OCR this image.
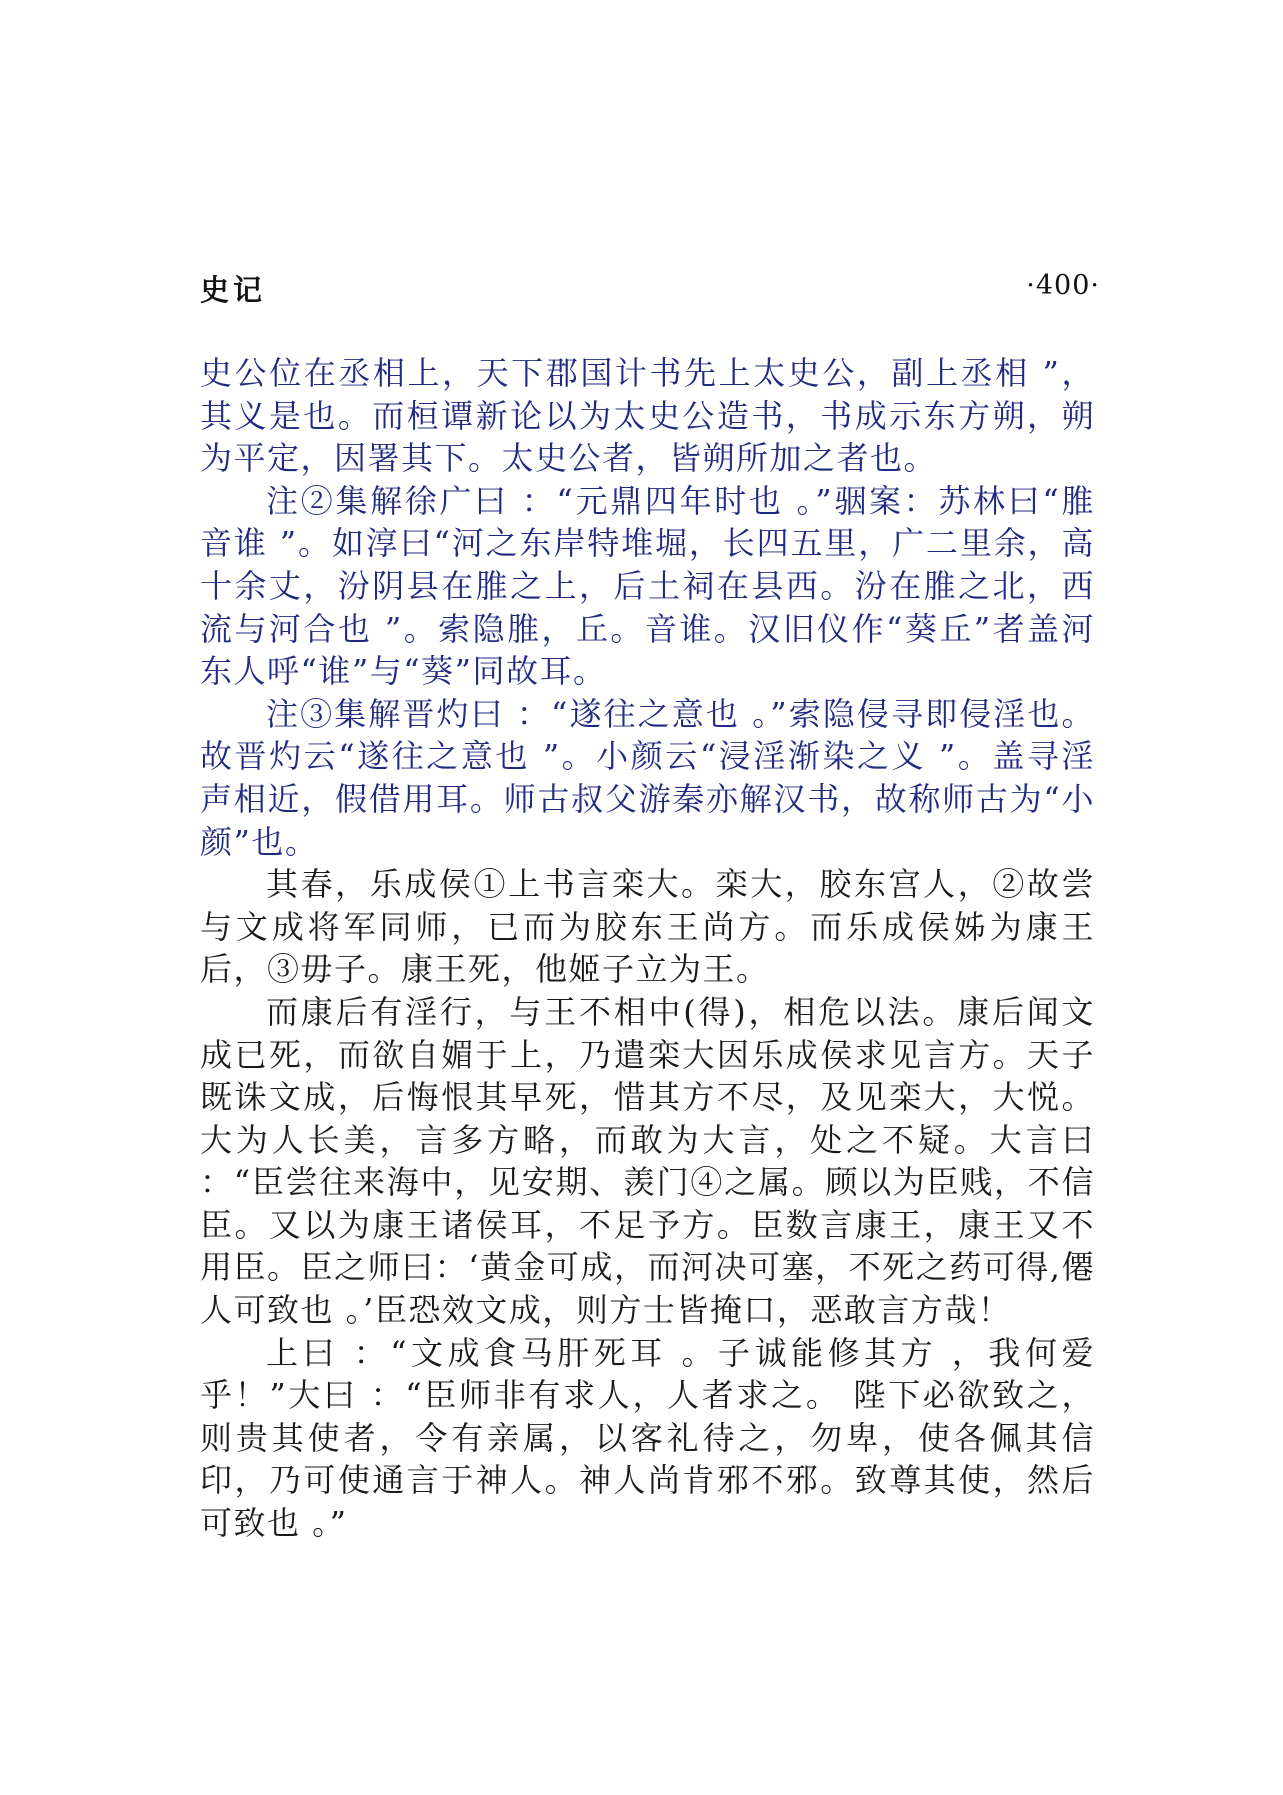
史记	·400·

史公位在丞相上，天下郡国计书先上太史公，副上丞相 ”，其义是也。而桓谭新论以为太史公造书，书成示东方朔，朔为平定，因署其下。太史公者，皆朔所加之者也。

注②集解徐广曰 ：“元鼎四年时也 。”骃案：苏林曰“脽音谁 ”。如淳曰“河之东岸特堆堀，长四五里，广二里余，高十余丈，汾阴县在脽之上，后土祠在县西。汾在脽之北，西流与河合也 ”。索隐脽，丘。音谁。汉旧仪作“葵丘”者盖河东人呼“谁”与“葵”同故耳。

注③集解晋灼曰 ：“遂往之意也 。”索隐侵寻即侵淫也。故晋灼云“遂往之意也 ”。小颜云“浸淫渐染之义 ”。盖寻淫声相近，假借用耳。师古叔父游秦亦解汉书，故称师古为“小颜”也。

其春，乐成侯①上书言栾大。栾大，胶东宫人，②故尝与文成将军同师，已而为胶东王尚方。而乐成侯姊为康王后，③毋子。康王死，他姬子立为王。

而康后有淫行，与王不相中(得)，相危以法。康后闻文成已死，而欲自媚于上，乃遣栾大因乐成侯求见言方。天子既诛文成，后悔恨其早死，惜其方不尽，及见栾大，大悦。大为人长美，言多方略，而敢为大言，处之不疑。大言曰 ：“臣尝往来海中，见安期、羡门④之属。顾以为臣贱，不信臣。又以为康王诸侯耳，不足予方。臣数言康王，康王又不用臣。臣之师曰：‘黄金可成，而河决可塞，不死之药可得,僊人可致也 。’臣恐效文成，则方士皆掩口，恶敢言方哉！

上曰 ：“文成食马肝死耳 。子诚能修其方 ，我何爱乎！”大曰 ：“臣师非有求人，人者求之。 陛下必欲致之， 则贵其使者，令有亲属，以客礼待之，勿卑，使各佩其信印，乃可使通言于神人。神人尚肯邪不邪。致尊其使，然后可致也 。”
